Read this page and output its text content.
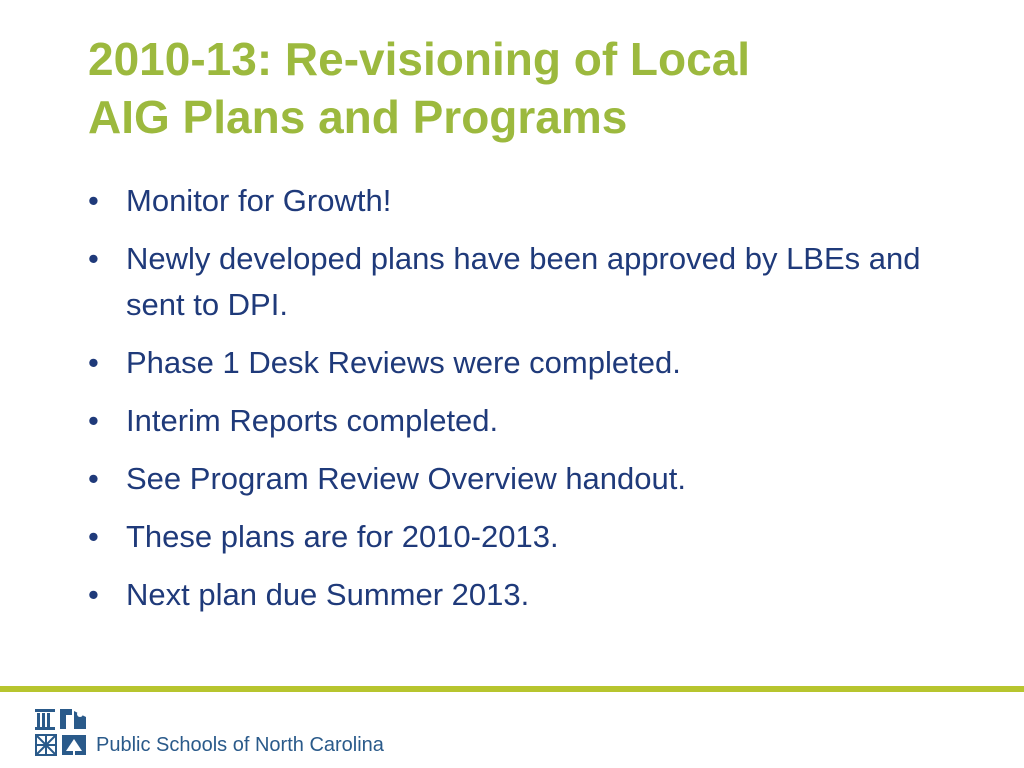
2010-13: Re-visioning of Local
AIG Plans and Programs
• Monitor for Growth!
• Newly developed plans have been approved by LBEs and sent to DPI.
• Phase 1 Desk Reviews were completed.
• Interim Reports completed.
• See Program Review Overview handout.
• These plans are for 2010-2013.
• Next plan due Summer 2013.
Public Schools of North Carolina
